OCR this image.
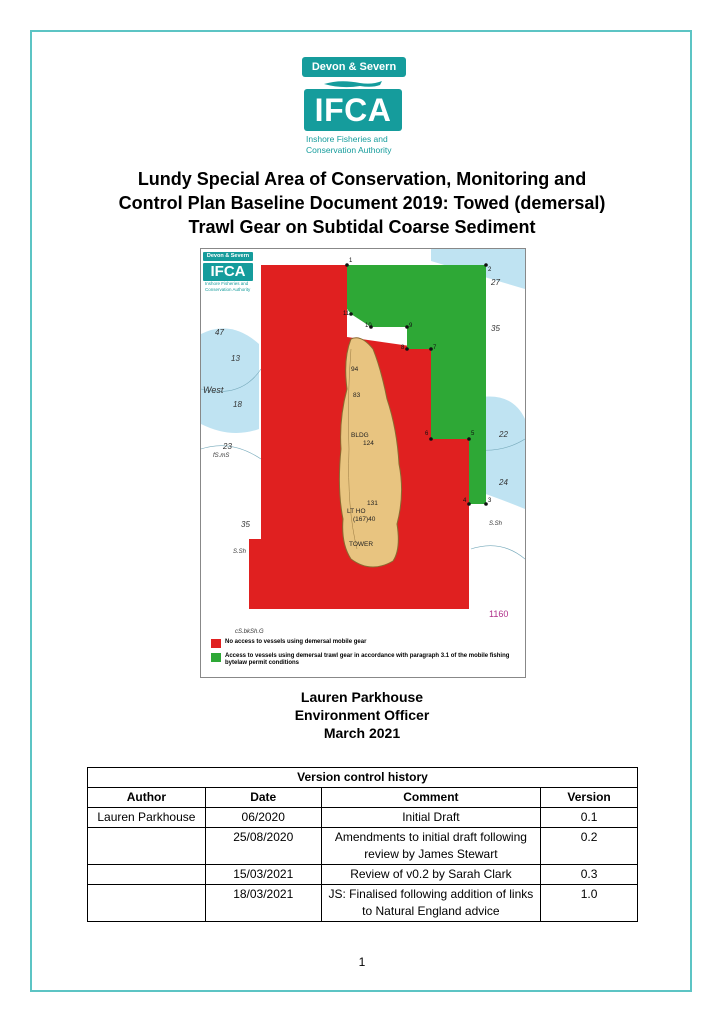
Devon & Severn
IFCA
Inshore Fisheries and
Conservation Authority
Lundy Special Area of Conservation, Monitoring and
Control Plan Baseline Document 2019: Towed (demersal)
Trawl Gear on Subtidal Coarse Sediment
1
2
3
4
5
6
7
8
9
10
11
47
13
West
18
23
fS.mS
35
S.Sh
35
27
22
24
S.Sh
cS.bkSh.G
1160
94
83
BLDG
124
131
LT HO
(167)40
TOWER
Devon & Severn
IFCA
Inshore Fisheries and
Conservation Authority
No access to vessels using demersal mobile gear
Access to vessels using demersal trawl gear in accordance with paragraph 3.1 of the mobile fishing bytelaw permit conditions
Lauren Parkhouse
Environment Officer
March 2021
Version control history			
Author	Date	Comment	Version
Lauren Parkhouse	06/2020	Initial Draft	0.1
	25/08/2020	Amendments to initial draft following review by James Stewart	0.2
	15/03/2021	Review of v0.2 by Sarah Clark	0.3
	18/03/2021	JS: Finalised following addition of links to Natural England advice	1.0
1
